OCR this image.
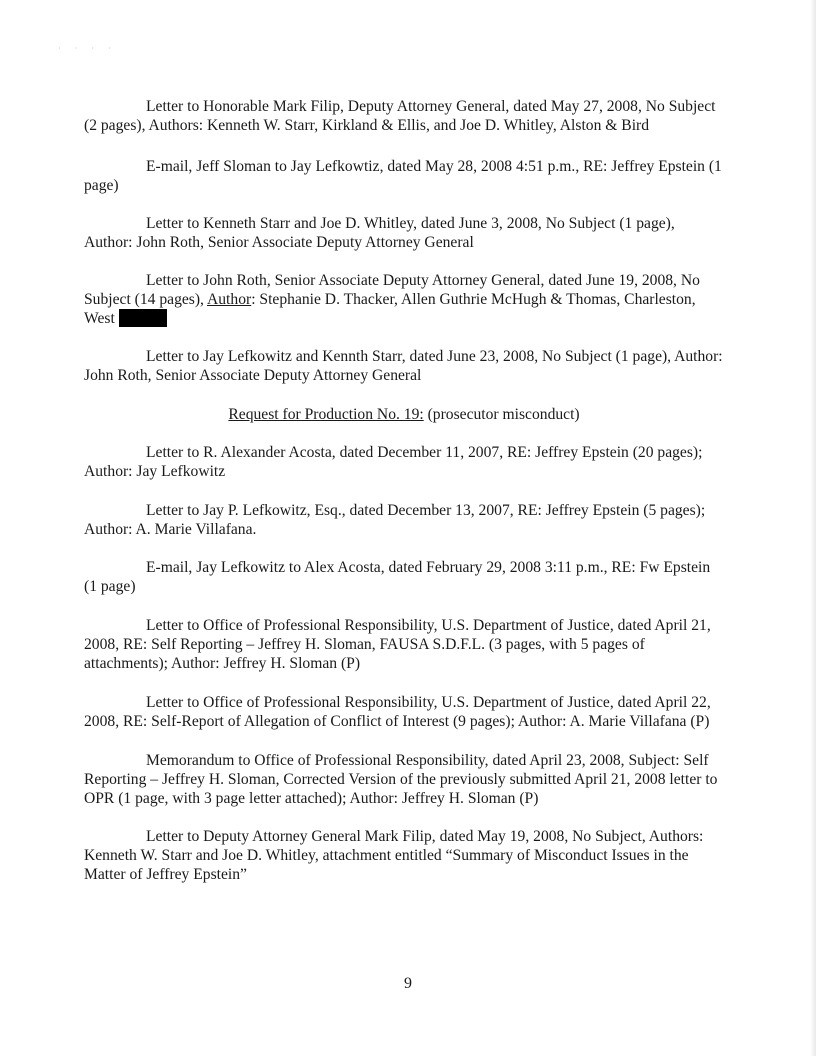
· · · ·

Letter to Honorable Mark Filip, Deputy Attorney General, dated May 27, 2008, No Subject (2 pages), Authors: Kenneth W. Starr, Kirkland & Ellis, and Joe D. Whitley, Alston & Bird

E-mail, Jeff Sloman to Jay Lefkowtiz, dated May 28, 2008 4:51 p.m., RE: Jeffrey Epstein (1 page)

Letter to Kenneth Starr and Joe D. Whitley, dated June 3, 2008, No Subject (1 page), Author: John Roth, Senior Associate Deputy Attorney General

Letter to John Roth, Senior Associate Deputy Attorney General, dated June 19, 2008, No Subject (14 pages), Author: Stephanie D. Thacker, Allen Guthrie McHugh & Thomas, Charleston, West

Letter to Jay Lefkowitz and Kennth Starr, dated June 23, 2008, No Subject (1 page), Author: John Roth, Senior Associate Deputy Attorney General

Request for Production No. 19: (prosecutor misconduct)

Letter to R. Alexander Acosta, dated December 11, 2007, RE: Jeffrey Epstein (20 pages); Author: Jay Lefkowitz

Letter to Jay P. Lefkowitz, Esq., dated December 13, 2007, RE: Jeffrey Epstein (5 pages); Author: A. Marie Villafana.

E-mail, Jay Lefkowitz to Alex Acosta, dated February 29, 2008 3:11 p.m., RE: Fw Epstein (1 page)

Letter to Office of Professional Responsibility, U.S. Department of Justice, dated April 21, 2008, RE: Self Reporting – Jeffrey H. Sloman, FAUSA S.D.F.L. (3 pages, with 5 pages of attachments); Author: Jeffrey H. Sloman (P)

Letter to Office of Professional Responsibility, U.S. Department of Justice, dated April 22, 2008, RE: Self-Report of Allegation of Conflict of Interest (9 pages); Author: A. Marie Villafana (P)

Memorandum to Office of Professional Responsibility, dated April 23, 2008, Subject: Self Reporting – Jeffrey H. Sloman, Corrected Version of the previously submitted April 21, 2008 letter to OPR (1 page, with 3 page letter attached); Author: Jeffrey H. Sloman (P)

Letter to Deputy Attorney General Mark Filip, dated May 19, 2008, No Subject, Authors: Kenneth W. Starr and Joe D. Whitley, attachment entitled “Summary of Misconduct Issues in the Matter of Jeffrey Epstein”

9
